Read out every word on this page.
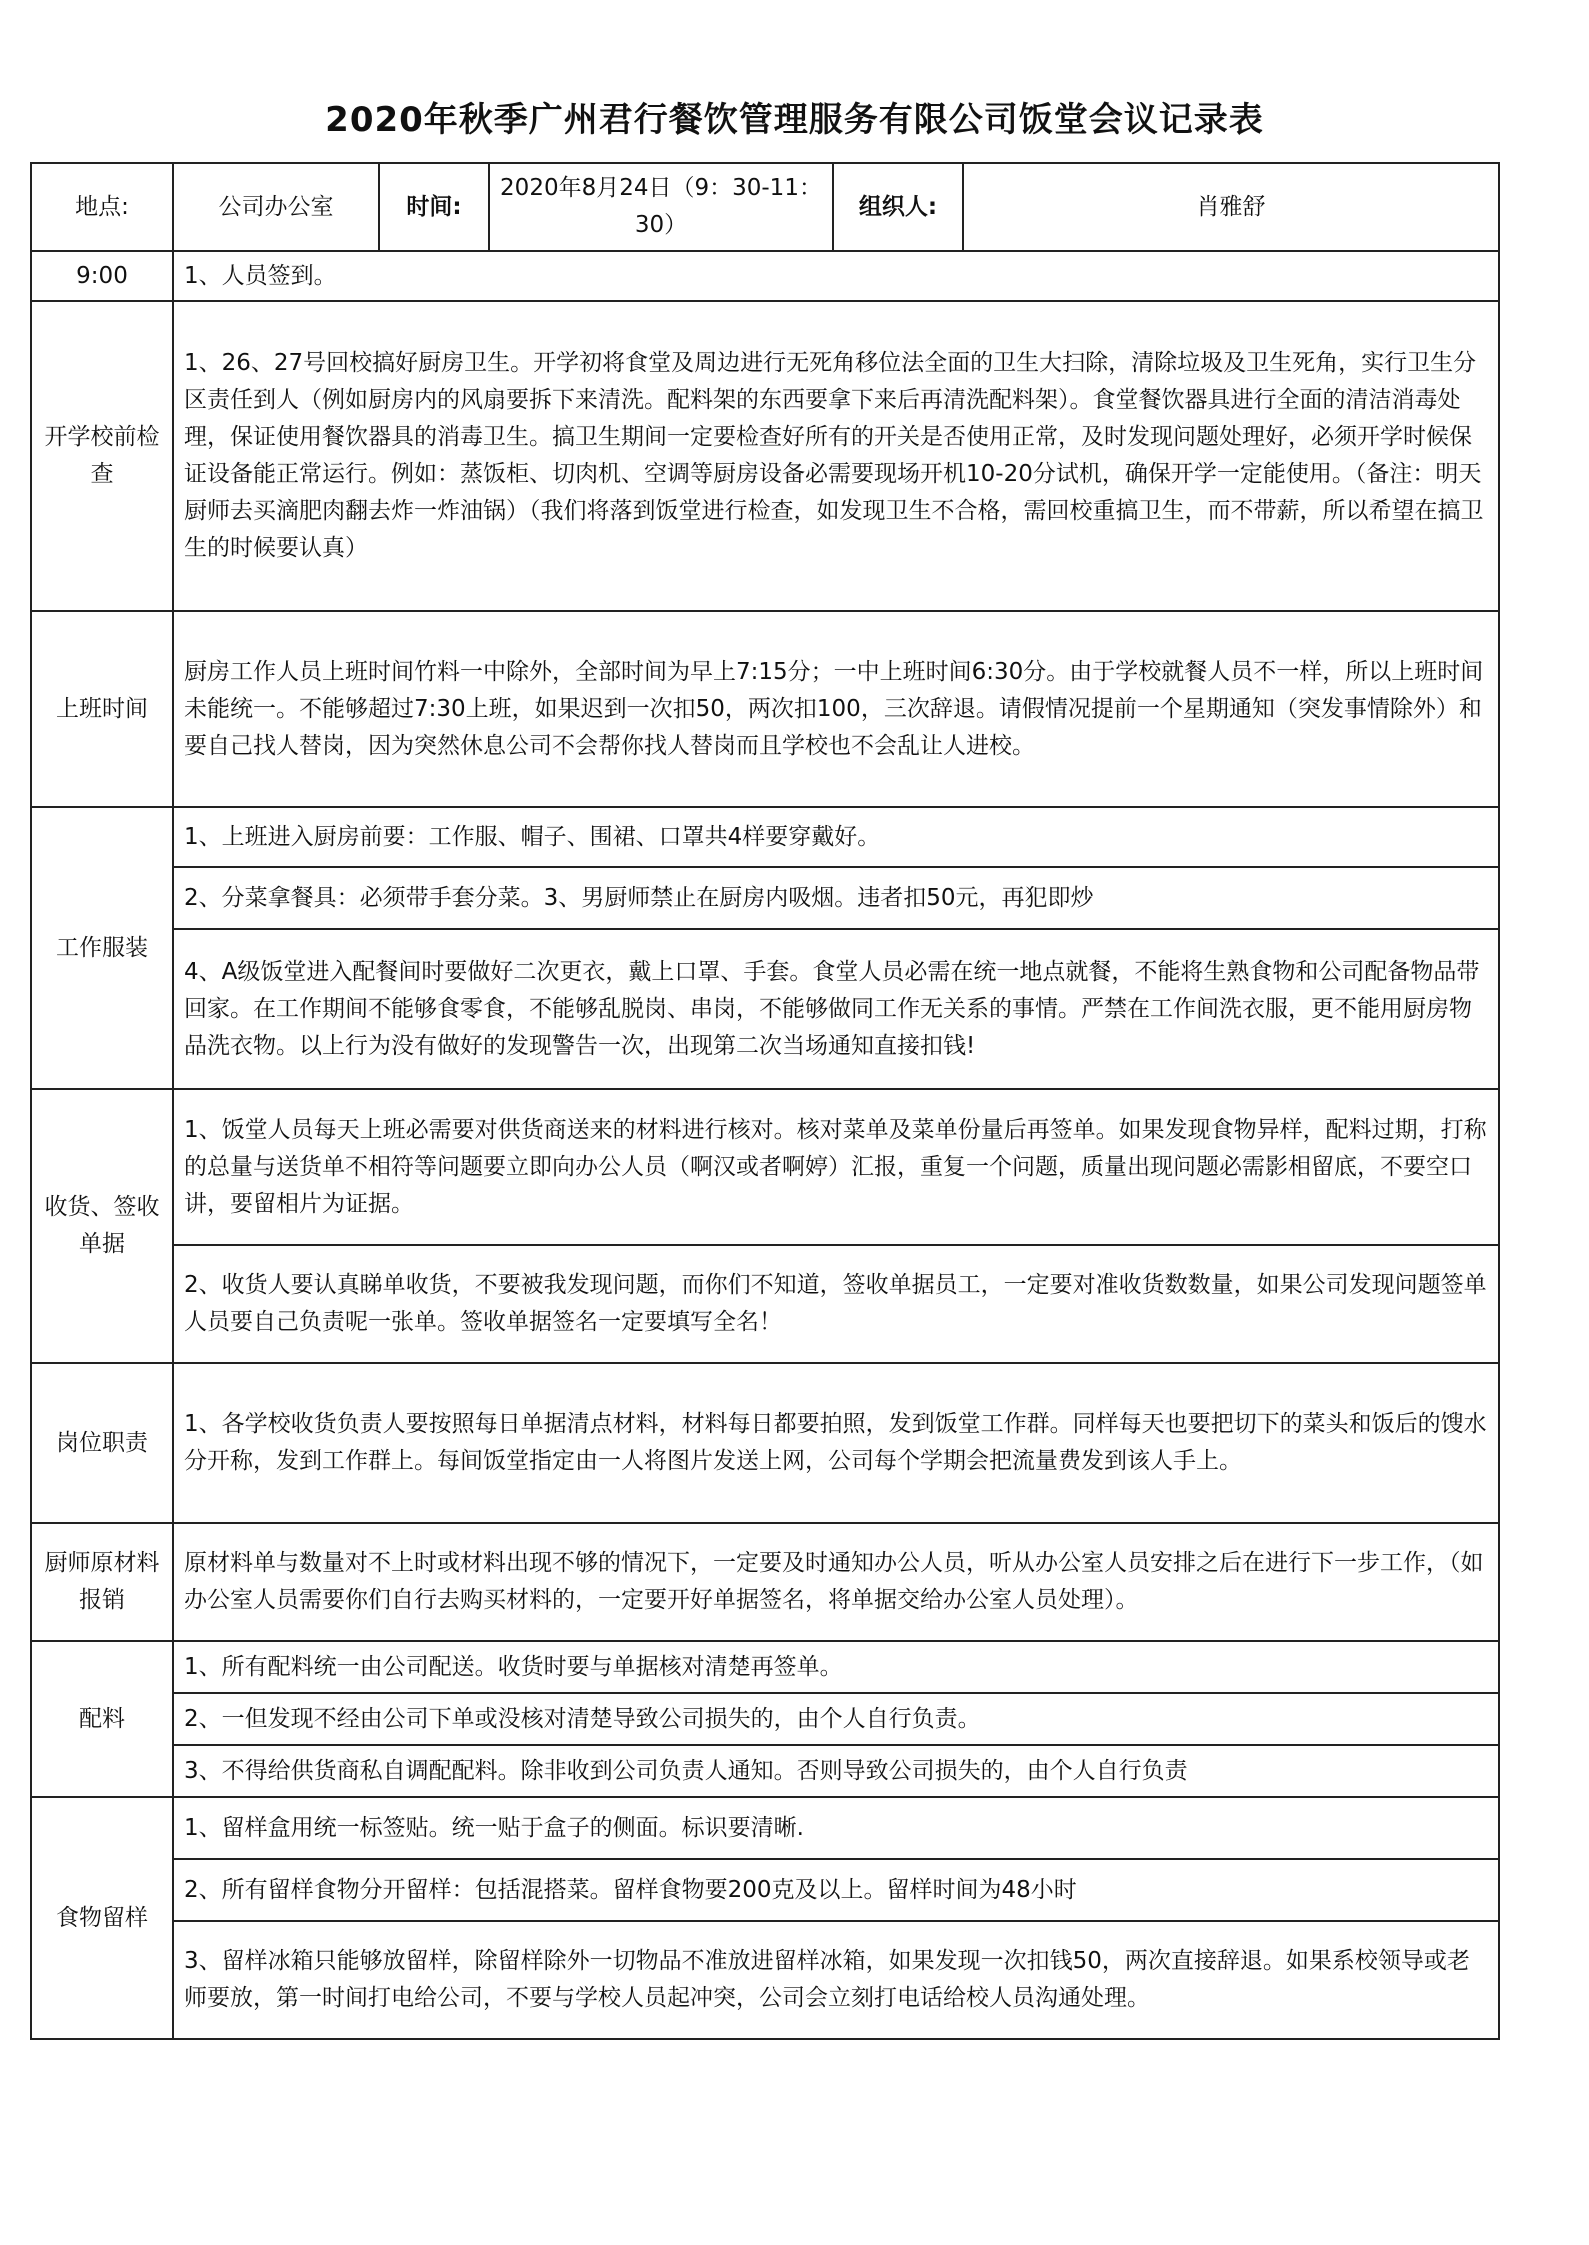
2020年秋季广州君行餐饮管理服务有限公司饭堂会议记录表
地点:	公司办公室	时间:	2020年8月24日（9：30-11：30）	组织人:	肖雅舒
9:00	1、人员签到。				
开学校前检查	1、26、27号回校搞好厨房卫生。开学初将食堂及周边进行无死角移位法全面的卫生大扫除，清除垃圾及卫生死角，实行卫生分区责任到人（例如厨房内的风扇要拆下来清洗。配料架的东西要拿下来后再清洗配料架）。食堂餐饮器具进行全面的清洁消毒处理，保证使用餐饮器具的消毒卫生。搞卫生期间一定要检查好所有的开关是否使用正常，及时发现问题处理好，必须开学时候保证设备能正常运行。例如：蒸饭柜、切肉机、空调等厨房设备必需要现场开机10-20分试机，确保开学一定能使用。（备注：明天厨师去买滴肥肉翻去炸一炸油锅）（我们将落到饭堂进行检查，如发现卫生不合格，需回校重搞卫生，而不带薪，所以希望在搞卫生的时候要认真）				
上班时间	厨房工作人员上班时间竹料一中除外，全部时间为早上7:15分；一中上班时间6:30分。由于学校就餐人员不一样，所以上班时间未能统一。不能够超过7:30上班，如果迟到一次扣50，两次扣100，三次辞退。请假情况提前一个星期通知（突发事情除外）和要自己找人替岗，因为突然休息公司不会帮你找人替岗而且学校也不会乱让人进校。				
工作服装	1、上班进入厨房前要：工作服、帽子、围裙、口罩共4样要穿戴好。				
	2、分菜拿餐具：必须带手套分菜。3、男厨师禁止在厨房内吸烟。违者扣50元，再犯即炒				
	4、A级饭堂进入配餐间时要做好二次更衣，戴上口罩、手套。食堂人员必需在统一地点就餐，不能将生熟食物和公司配备物品带回家。在工作期间不能够食零食，不能够乱脱岗、串岗，不能够做同工作无关系的事情。严禁在工作间洗衣服，更不能用厨房物品洗衣物。以上行为没有做好的发现警告一次，出现第二次当场通知直接扣钱!				
收货、签收单据	1、饭堂人员每天上班必需要对供货商送来的材料进行核对。核对菜单及菜单份量后再签单。如果发现食物异样，配料过期，打称的总量与送货单不相符等问题要立即向办公人员（啊汉或者啊婷）汇报，重复一个问题，质量出现问题必需影相留底，不要空口讲，要留相片为证据。				
	2、收货人要认真睇单收货，不要被我发现问题，而你们不知道，签收单据员工，一定要对准收货数数量，如果公司发现问题签单人员要自己负责呢一张单。签收单据签名一定要填写全名！				
岗位职责	1、各学校收货负责人要按照每日单据清点材料，材料每日都要拍照，发到饭堂工作群。同样每天也要把切下的菜头和饭后的馊水分开称，发到工作群上。每间饭堂指定由一人将图片发送上网，公司每个学期会把流量费发到该人手上。				
厨师原材料报销	原材料单与数量对不上时或材料出现不够的情况下，一定要及时通知办公人员，听从办公室人员安排之后在进行下一步工作，（如办公室人员需要你们自行去购买材料的，一定要开好单据签名，将单据交给办公室人员处理）。				
配料	1、所有配料统一由公司配送。收货时要与单据核对清楚再签单。				
	2、一但发现不经由公司下单或没核对清楚导致公司损失的，由个人自行负责。				
	3、不得给供货商私自调配配料。除非收到公司负责人通知。否则导致公司损失的，由个人自行负责				
食物留样	1、留样盒用统一标签贴。统一贴于盒子的侧面。标识要清晰.				
	2、所有留样食物分开留样：包括混搭菜。留样食物要200克及以上。留样时间为48小时				
	3、留样冰箱只能够放留样，除留样除外一切物品不准放进留样冰箱，如果发现一次扣钱50，两次直接辞退。如果系校领导或老师要放，第一时间打电给公司，不要与学校人员起冲突，公司会立刻打电话给校人员沟通处理。				
